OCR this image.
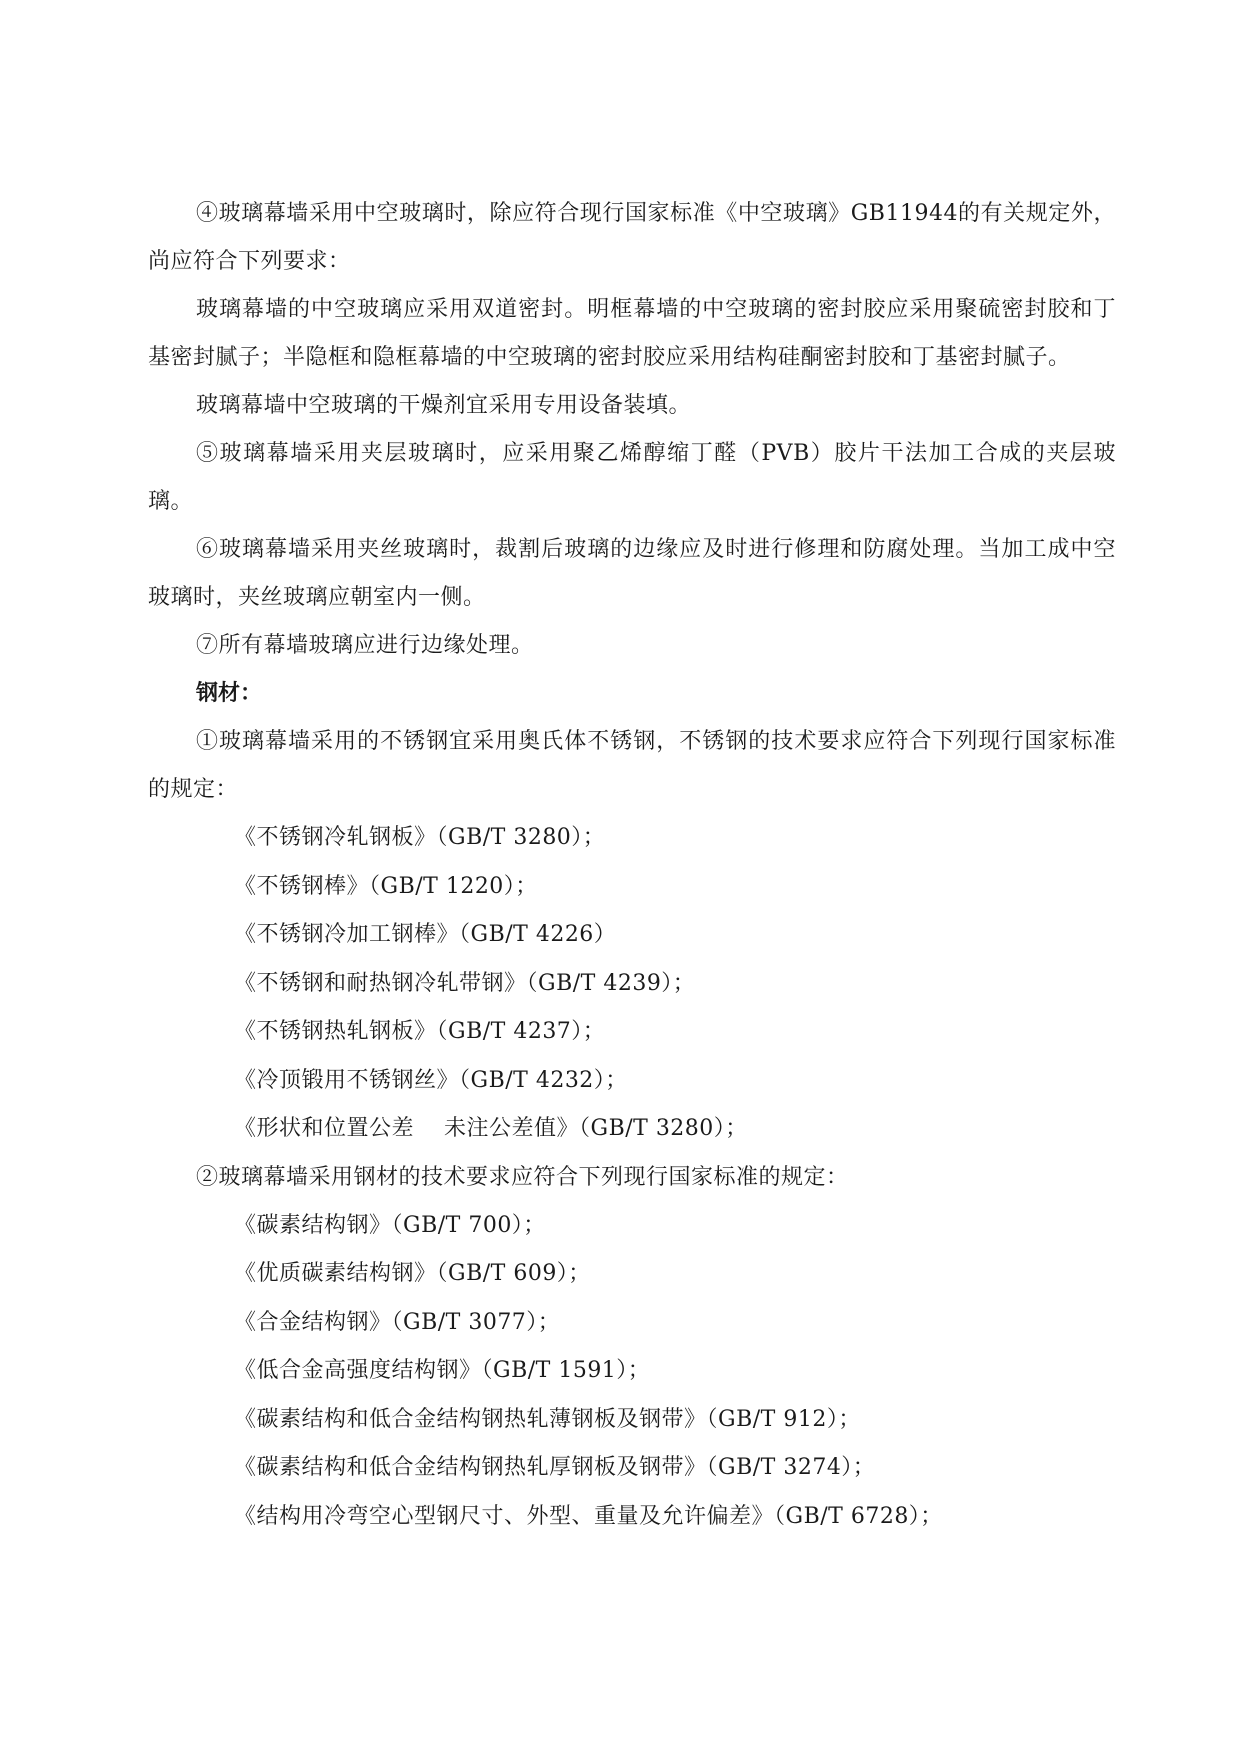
④玻璃幕墙采用中空玻璃时，除应符合现行国家标准《中空玻璃》GB11944的有关规定外，尚应符合下列要求：

玻璃幕墙的中空玻璃应采用双道密封。明框幕墙的中空玻璃的密封胶应采用聚硫密封胶和丁基密封腻子；半隐框和隐框幕墙的中空玻璃的密封胶应采用结构硅酮密封胶和丁基密封腻子。

玻璃幕墙中空玻璃的干燥剂宜采用专用设备装填。

⑤玻璃幕墙采用夹层玻璃时，应采用聚乙烯醇缩丁醛（PVB）胶片干法加工合成的夹层玻璃。

⑥玻璃幕墙采用夹丝玻璃时，裁割后玻璃的边缘应及时进行修理和防腐处理。当加工成中空玻璃时，夹丝玻璃应朝室内一侧。

⑦所有幕墙玻璃应进行边缘处理。

钢材：

①玻璃幕墙采用的不锈钢宜采用奥氏体不锈钢，不锈钢的技术要求应符合下列现行国家标准的规定：

《不锈钢冷轧钢板》（GB/T 3280）；

《不锈钢棒》（GB/T 1220）；

《不锈钢冷加工钢棒》（GB/T 4226）

《不锈钢和耐热钢冷轧带钢》（GB/T 4239）；

《不锈钢热轧钢板》（GB/T 4237）；

《冷顶锻用不锈钢丝》（GB/T 4232）；

《形状和位置公差　 未注公差值》（GB/T 3280）；

②玻璃幕墙采用钢材的技术要求应符合下列现行国家标准的规定：

《碳素结构钢》（GB/T 700）；

《优质碳素结构钢》（GB/T 609）；

《合金结构钢》（GB/T 3077）；

《低合金高强度结构钢》（GB/T 1591）；

《碳素结构和低合金结构钢热轧薄钢板及钢带》（GB/T 912）；

《碳素结构和低合金结构钢热轧厚钢板及钢带》（GB/T 3274）；

《结构用冷弯空心型钢尺寸、外型、重量及允许偏差》（GB/T 6728）；
